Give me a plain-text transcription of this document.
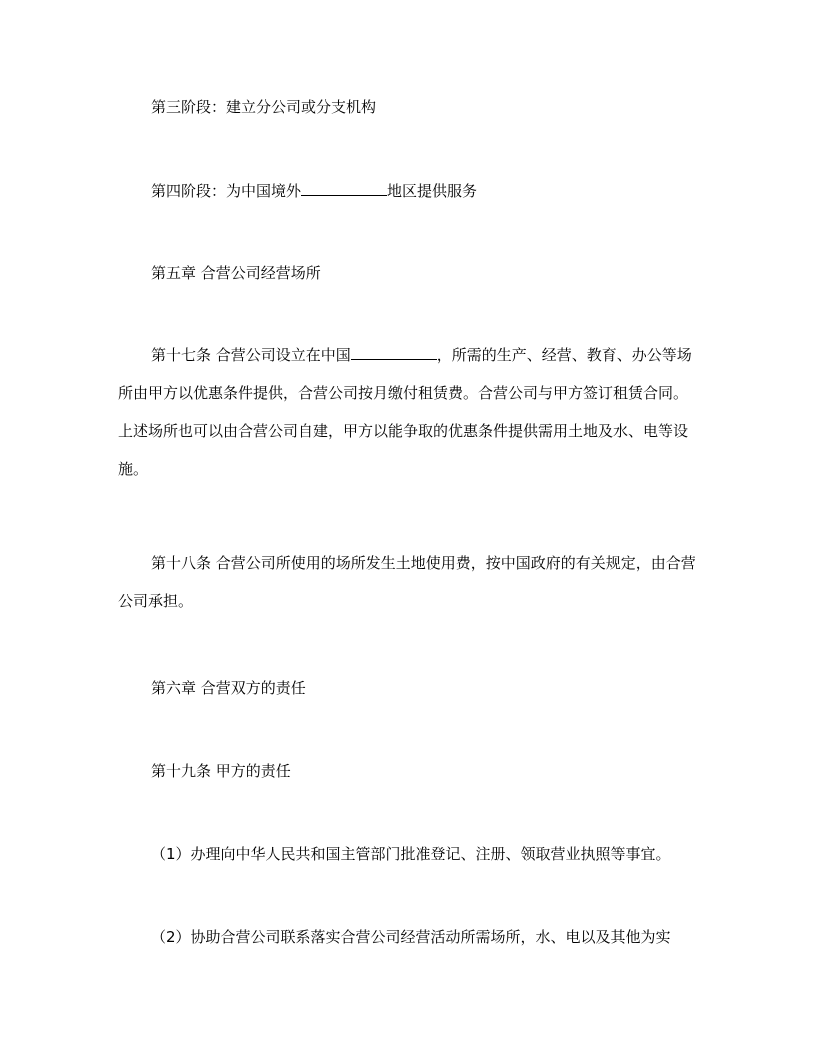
第三阶段：建立分公司或分支机构
第四阶段：为中国境外	地区提供服务
第五章 合营公司经营场所
第十七条 合营公司设立在中国	，所需的生产、经营、教育、办公等场所由甲方以优惠条件提供，合营公司按月缴付租赁费。合营公司与甲方签订租赁合同。上述场所也可以由合营公司自建，甲方以能争取的优惠条件提供需用土地及水、电等设施。
第十八条 合营公司所使用的场所发生土地使用费，按中国政府的有关规定，由合营公司承担。
第六章 合营双方的责任
第十九条 甲方的责任
（1）办理向中华人民共和国主管部门批准登记、注册、领取营业执照等事宜。
（2）协助合营公司联系落实合营公司经营活动所需场所，水、电以及其他为实
